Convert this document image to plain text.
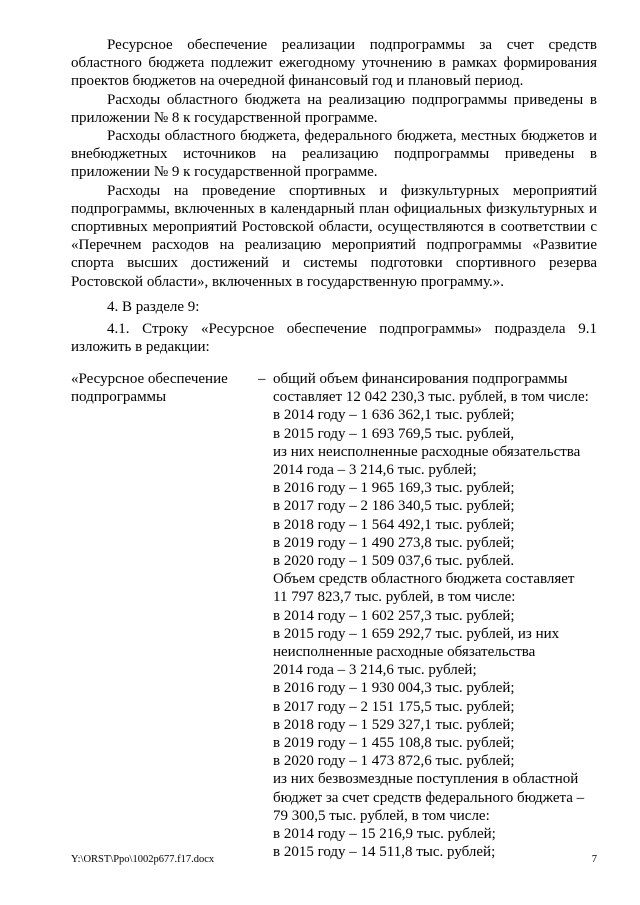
Ресурсное обеспечение реализации подпрограммы за счет средств областного бюджета подлежит ежегодному уточнению в рамках формирования проектов бюджетов на очередной финансовый год и плановый период.

Расходы областного бюджета на реализацию подпрограммы приведены в приложении № 8 к государственной программе.

Расходы областного бюджета, федерального бюджета, местных бюджетов и внебюджетных источников на реализацию подпрограммы приведены в приложении № 9 к государственной программе.

Расходы на проведение спортивных и физкультурных мероприятий подпрограммы, включенных в календарный план официальных физкультурных и спортивных мероприятий Ростовской области, осуществляются в соответствии с «Перечнем расходов на реализацию мероприятий подпрограммы «Развитие спорта высших достижений и системы подготовки спортивного резерва Ростовской области», включенных в государственную программу.».

4. В разделе 9:
4.1. Строку «Ресурсное обеспечение подпрограммы» подраздела 9.1 изложить в редакции:
«Ресурсное обеспечение подпрограммы
– общий объем финансирования подпрограммы
составляет 12 042 230,3 тыс. рублей, в том числе:
в 2014 году – 1 636 362,1 тыс. рублей;
в 2015 году – 1 693 769,5 тыс. рублей,
из них неисполненные расходные обязательства
2014 года – 3 214,6 тыс. рублей;
в 2016 году – 1 965 169,3 тыс. рублей;
в 2017 году – 2 186 340,5 тыс. рублей;
в 2018 году – 1 564 492,1 тыс. рублей;
в 2019 году – 1 490 273,8 тыс. рублей;
в 2020 году – 1 509 037,6 тыс. рублей.
Объем средств областного бюджета составляет
11 797 823,7 тыс. рублей, в том числе:
в 2014 году – 1 602 257,3 тыс. рублей;
в 2015 году – 1 659 292,7 тыс. рублей, из них
неисполненные расходные обязательства
2014 года – 3 214,6 тыс. рублей;
в 2016 году – 1 930 004,3 тыс. рублей;
в 2017 году – 2 151 175,5 тыс. рублей;
в 2018 году – 1 529 327,1 тыс. рублей;
в 2019 году – 1 455 108,8 тыс. рублей;
в 2020 году – 1 473 872,6 тыс. рублей;
из них безвозмездные поступления в областной
бюджет за счет средств федерального бюджета –
79 300,5 тыс. рублей, в том числе:
в 2014 году – 15 216,9 тыс. рублей;
в 2015 году – 14 511,8 тыс. рублей;
Y:\ORST\Ppo\1002p677.f17.docx	7
